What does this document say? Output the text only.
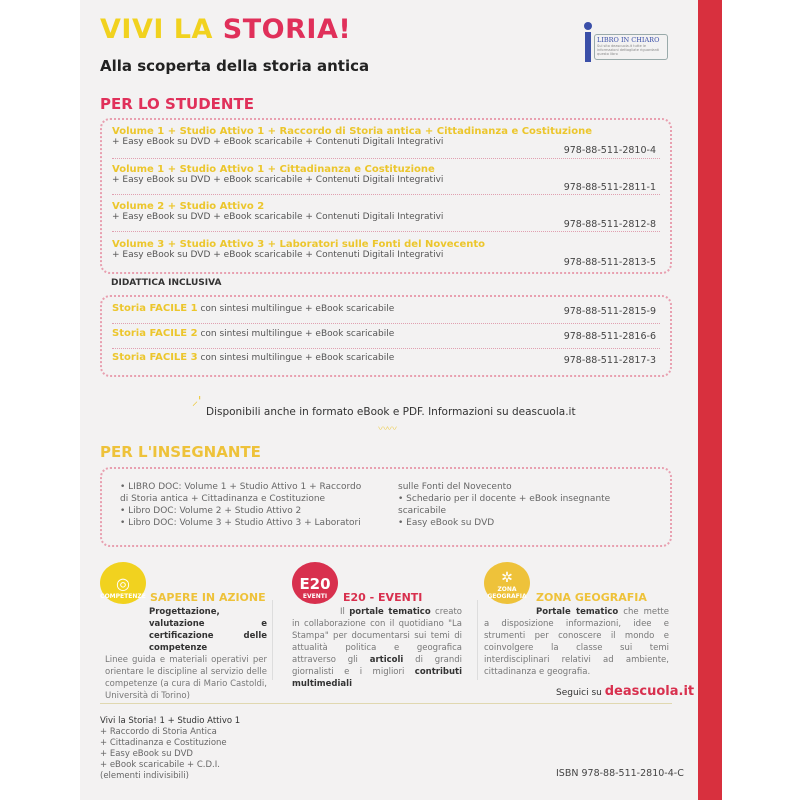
VIVI LA STORIA!
Alla scoperta della storia antica
LIBRO IN CHIARO
Sul sito deascuola.it tutte le informazioni dettagliate riguardanti questo libro
PER LO STUDENTE
Volume 1 + Studio Attivo 1 + Raccordo di Storia antica + Cittadinanza e Costituzione
+ Easy eBook su DVD + eBook scaricabile + Contenuti Digitali Integrativi
978-88-511-2810-4
Volume 1 + Studio Attivo 1 + Cittadinanza e Costituzione
+ Easy eBook su DVD + eBook scaricabile + Contenuti Digitali Integrativi
978-88-511-2811-1
Volume 2 + Studio Attivo 2
+ Easy eBook su DVD + eBook scaricabile + Contenuti Digitali Integrativi
978-88-511-2812-8
Volume 3 + Studio Attivo 3 + Laboratori sulle Fonti del Novecento
+ Easy eBook su DVD + eBook scaricabile + Contenuti Digitali Integrativi
978-88-511-2813-5
DIDATTICA INCLUSIVA
Storia FACILE 1 con sintesi multilingue + eBook scaricabile	978-88-511-2815-9
Storia FACILE 2 con sintesi multilingue + eBook scaricabile	978-88-511-2816-6
Storia FACILE 3 con sintesi multilingue + eBook scaricabile	978-88-511-2817-3
⸝'
Disponibili anche in formato eBook e PDF. Informazioni su deascuola.it
〰〰
PER L'INSEGNANTE

• LIBRO DOC: Volume 1 + Studio Attivo 1 + Raccordo

di Storia antica + Cittadinanza e Costituzione

• Libro DOC: Volume 2 + Studio Attivo 2

• Libro DOC: Volume 3 + Studio Attivo 3 + Laboratori

sulle Fonti del Novecento

• Schedario per il docente + eBook insegnante

scaricabile

• Easy eBook su DVD

◎
COMPETENZE SAPERE IN AZIONE
Progettazione, valutazione e certificazione delle competenze
Linee guida e materiali operativi per orientare le discipline al servizio delle competenze (a cura di Mario Castoldi, Università di Torino)
E20
EVENTI	E20 - EVENTI
Il portale tematico creato in collaborazione con il quotidiano "La Stampa" per documentarsi sui temi di attualità politica e geografica attraverso gli articoli di grandi giornalisti e i migliori contributi multimediali
✲
ZONA GEOGRAFIA ZONA GEOGRAFIA
Portale tematico che mette a disposizione informazioni, idee e strumenti per conoscere il mondo e coinvolgere la classe sui temi interdisciplinari relativi ad ambiente, cittadinanza e geografia.
Seguici su deascuola.it
Vivi la Storia! 1 + Studio Attivo 1
+ Raccordo di Storia Antica
+ Cittadinanza e Costituzione
+ Easy eBook su DVD
+ eBook scaricabile + C.D.I.
(elementi indivisibili)	ISBN 978-88-511-2810-4-C
